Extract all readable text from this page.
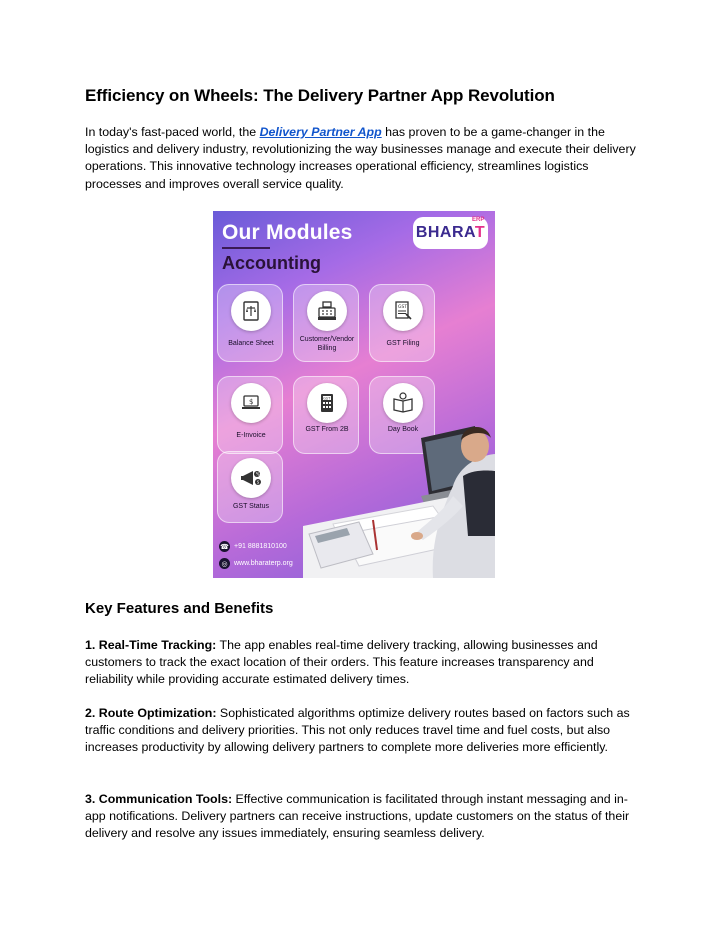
Efficiency on Wheels: The Delivery Partner App Revolution

In today's fast-paced world, the Delivery Partner App has proven to be a game-changer in the logistics and delivery industry, revolutionizing the way businesses manage and execute their delivery operations. This innovative technology increases operational efficiency, streamlines logistics processes and improves overall service quality.

Our Modules
Accounting
BHARAT
ERP
Balance Sheet
Customer/Vendor Billing
GST
GST Filing
$
E-Invoice
GST
GST From 2B	Day Book
%
$
GST Status
☎ +91 8881810100
◎ www.bharaterp.org
Key Features and Benefits

1. Real-Time Tracking: The app enables real-time delivery tracking, allowing businesses and customers to track the exact location of their orders. This feature increases transparency and reliability while providing accurate estimated delivery times.

2. Route Optimization: Sophisticated algorithms optimize delivery routes based on factors such as traffic conditions and delivery priorities. This not only reduces travel time and fuel costs, but also increases productivity by allowing delivery partners to complete more deliveries more efficiently.

3. Communication Tools: Effective communication is facilitated through instant messaging and in-app notifications. Delivery partners can receive instructions, update customers on the status of their delivery and resolve any issues immediately, ensuring seamless delivery.
